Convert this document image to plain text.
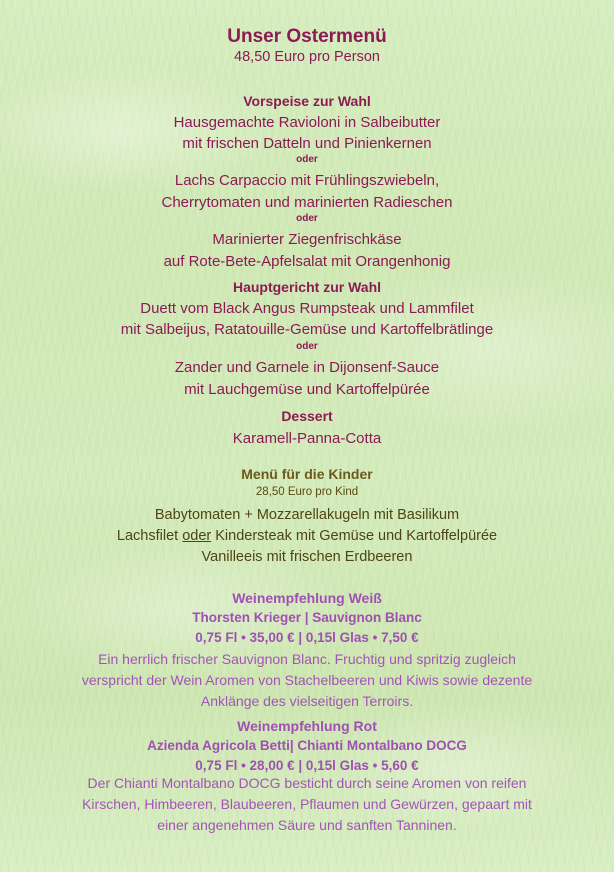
Unser Ostermenü
48,50 Euro pro Person
Vorspeise zur Wahl
Hausgemachte Ravioloni in Salbeibutter
mit frischen Datteln und Pinienkernen
oder
Lachs Carpaccio mit Frühlingszwiebeln,
Cherrytomaten und marinierten Radieschen
oder
Marinierter Ziegenfrischkäse
auf Rote-Bete-Apfelsalat mit Orangenhonig
Hauptgericht zur Wahl
Duett vom Black Angus Rumpsteak und Lammfilet
mit Salbeijus, Ratatouille-Gemüse und Kartoffelbrätlinge
oder
Zander und Garnele in Dijonsenf-Sauce
mit Lauchgemüse und Kartoffelpürée
Dessert
Karamell-Panna-Cotta
Menü für die Kinder
28,50 Euro pro Kind
Babytomaten + Mozzarellakugeln mit Basilikum
Lachsfilet oder Kindersteak mit Gemüse und Kartoffelpürée
Vanilleeis mit frischen Erdbeeren
Weinempfehlung Weiß
Thorsten Krieger | Sauvignon Blanc
0,75 Fl • 35,00 € | 0,15l Glas • 7,50 €
Ein herrlich frischer Sauvignon Blanc. Fruchtig und spritzig zugleich
verspricht der Wein Aromen von Stachelbeeren und Kiwis sowie dezente
Anklänge des vielseitigen Terroirs.
Weinempfehlung Rot
Azienda Agricola Betti| Chianti Montalbano DOCG
0,75 Fl • 28,00 € | 0,15l Glas • 5,60 €
Der Chianti Montalbano DOCG besticht durch seine Aromen von reifen
Kirschen, Himbeeren, Blaubeeren, Pflaumen und Gewürzen, gepaart mit
einer angenehmen Säure und sanften Tanninen.
